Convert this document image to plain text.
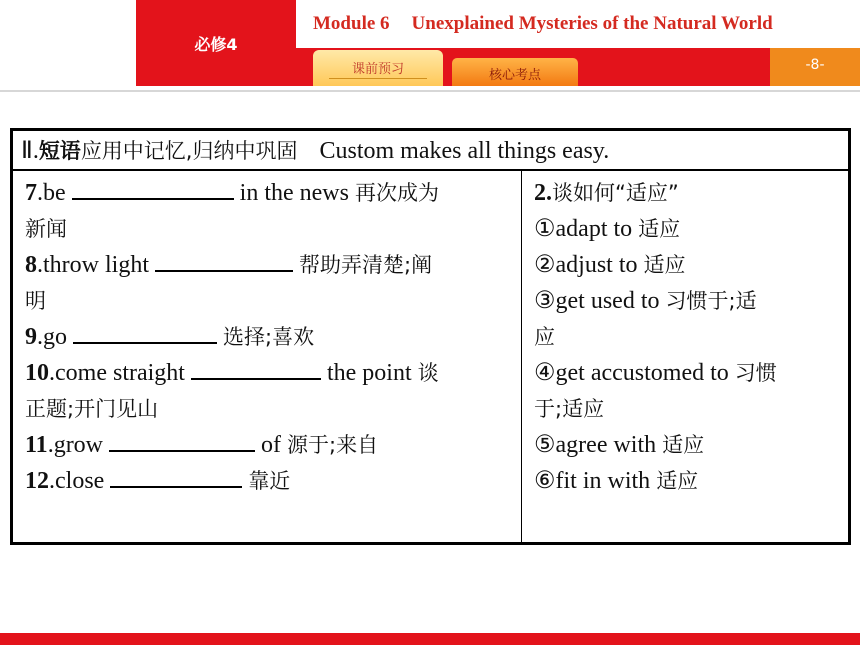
必修4
Module 6 Unexplained Mysteries of the Natural World
课前预习	核心考点
-8-
Ⅱ.短语应用中记忆,归纳中巩固 Custom makes all things easy.
7.be	in the news 再次成为
新闻
8.throw light	帮助弄清楚;阐
明
9.go	选择;喜欢
10.come straight	the point 谈
正题;开门见山
11.grow	of 源于;来自
12.close	靠近
2.谈如何“适应”
①adapt to 适应
②adjust to 适应
③get used to 习惯于;适
应
④get accustomed to 习惯
于;适应
⑤agree with 适应
⑥fit in with 适应
